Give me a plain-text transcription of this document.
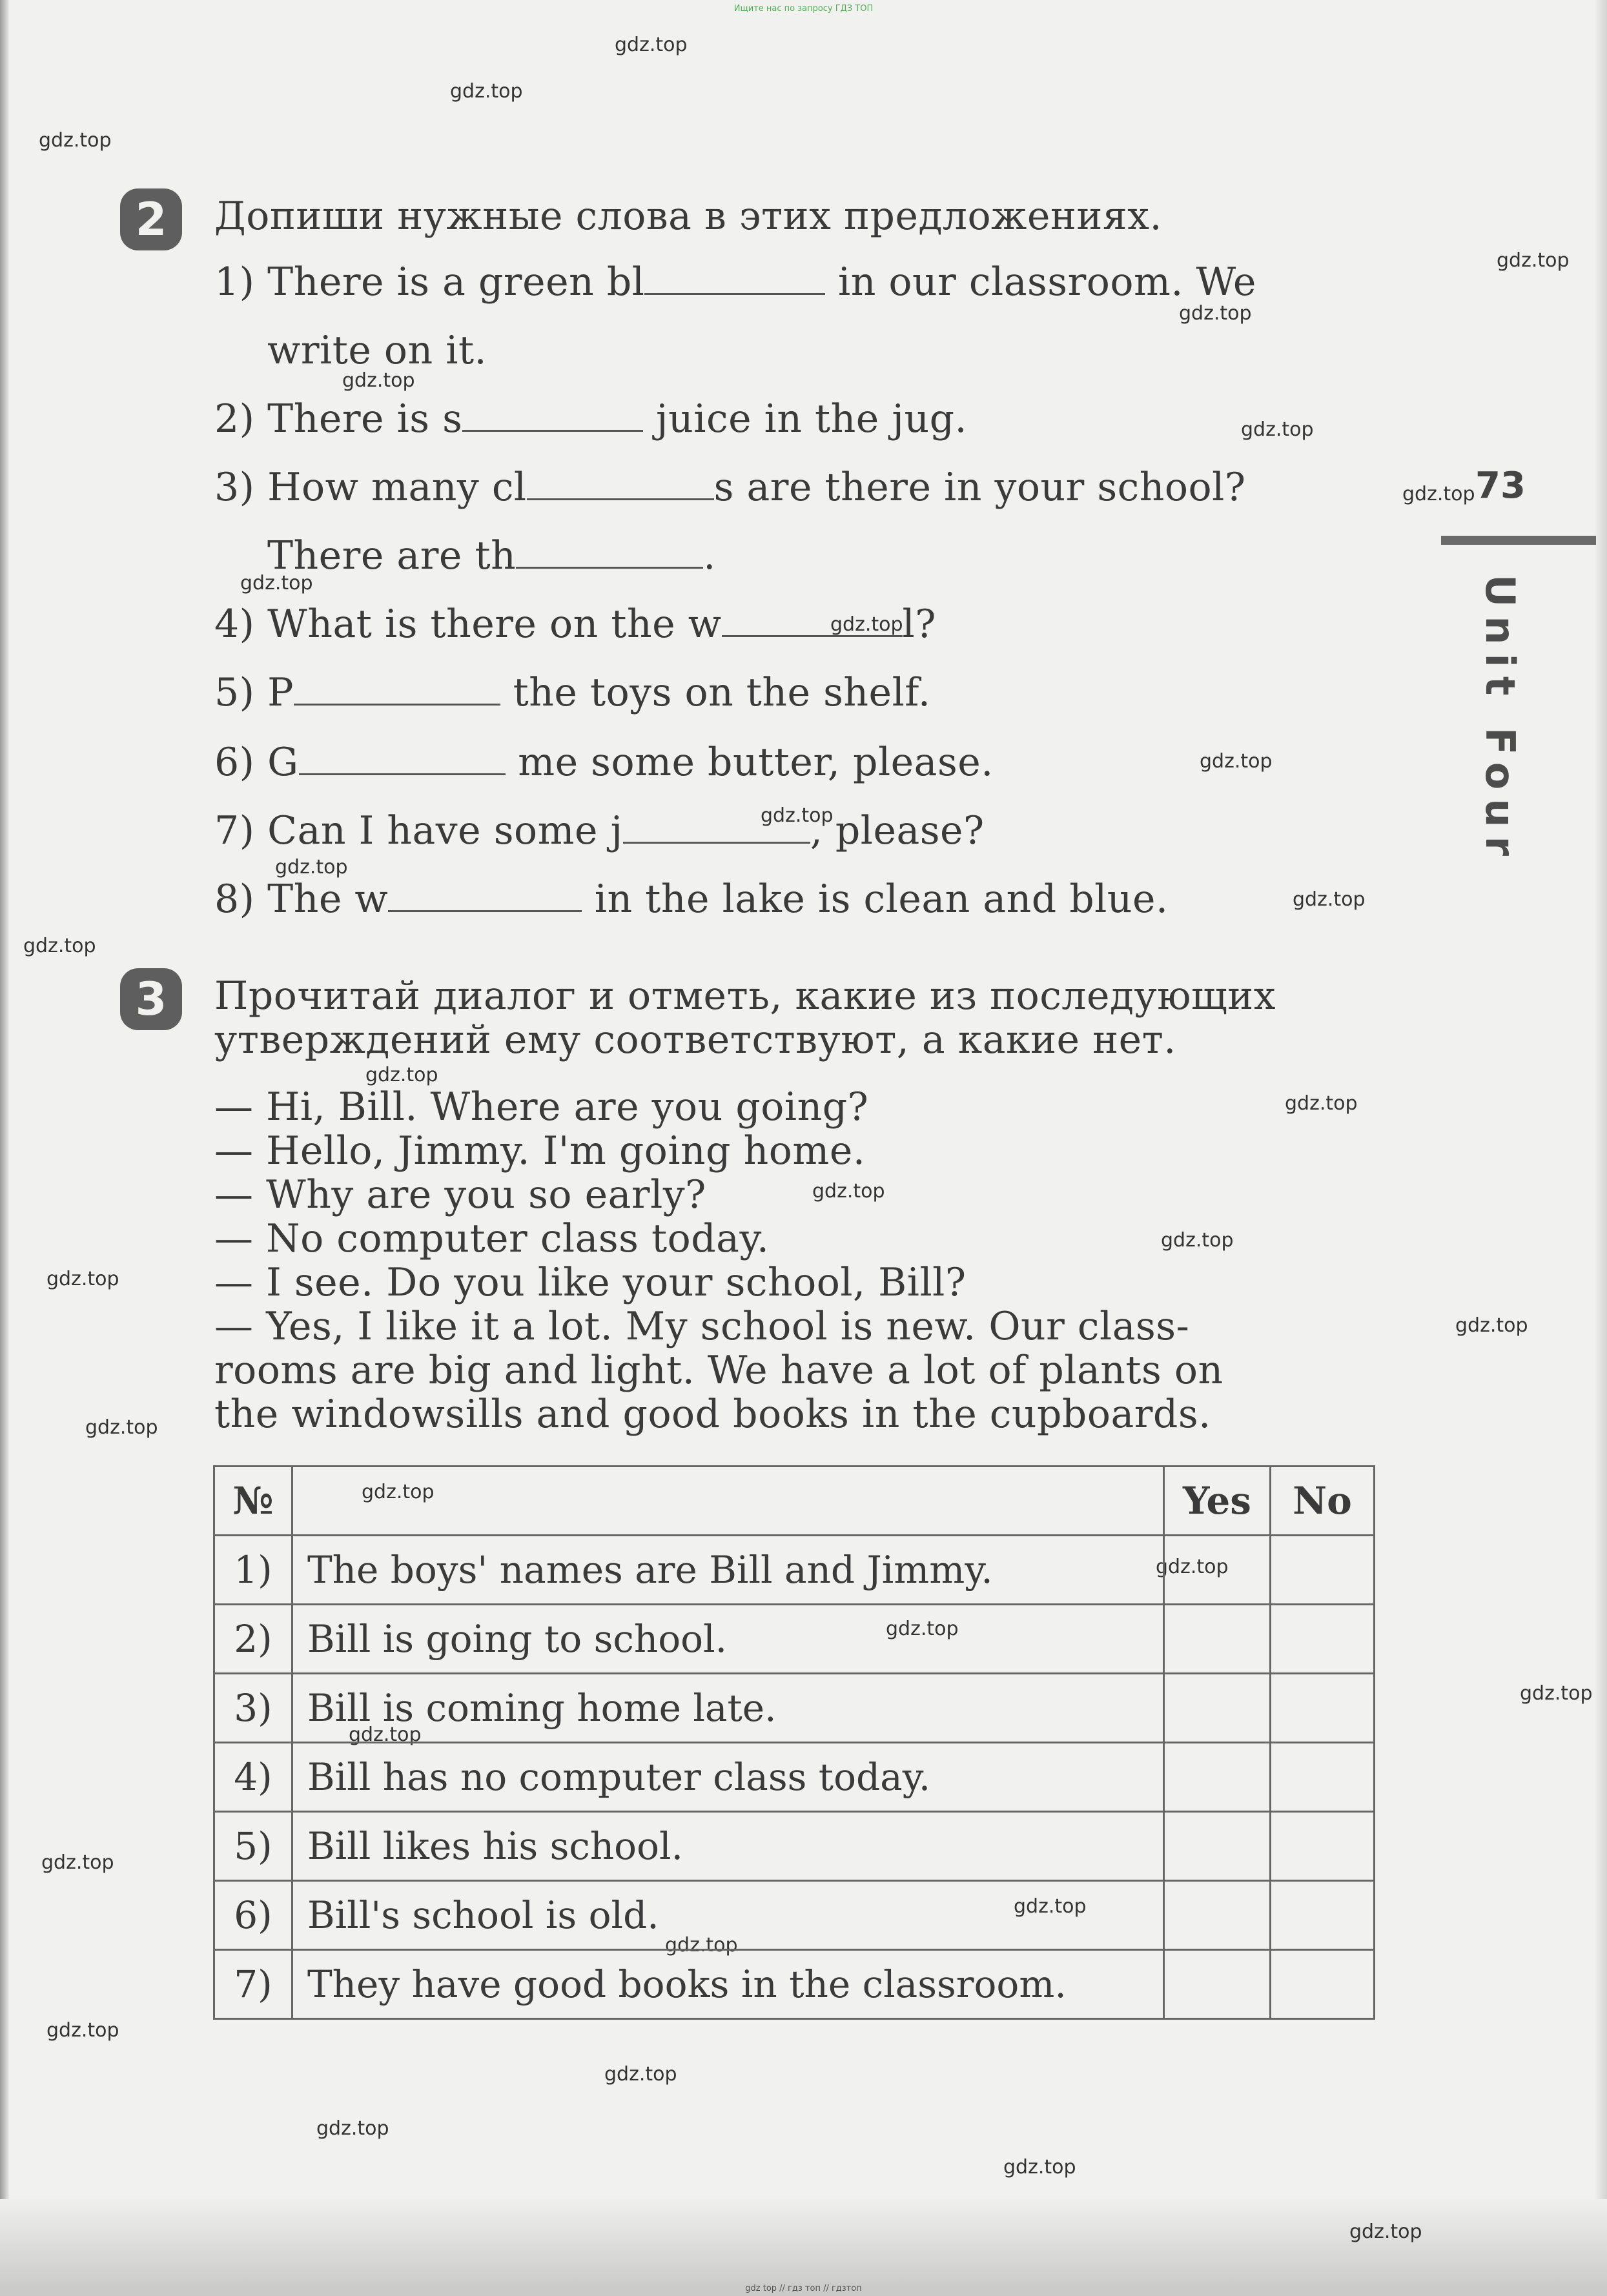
Ищите нас по запросу ГДЗ ТОП
gdz.top
gdz.top
gdz.top
gdz.top
gdz.top
gdz.top
gdz.top
gdz.top
gdz.top
gdz.top
gdz.top
gdz.top
gdz.top
gdz.top
gdz.top
gdz.top
gdz.top
gdz.top
gdz.top
gdz.top
gdz.top
gdz.top
gdz.top
gdz.top
gdz.top
gdz.top
gdz.top
gdz.top
gdz.top
gdz.top
gdz.top
gdz.top
gdz.top
gdz.top
gdz.top
73
Unit Four
2	Допиши нужные слова в этих предложениях.
1) There is a green bl	in our classroom. We
write on it.
2) There is s	juice in the jug.
3) How many cl	s are there in your school?
There are th	.
4) What is there on the w	l?
5) P	the toys on the shelf.
6) G	me some butter, please.
7) Can I have some j	, please?
8) The w	in the lake is clean and blue.
3	Прочитай диалог и отметь, какие из последующих
утверждений ему соответствуют, а какие нет.
— Hi, Bill. Where are you going?
— Hello, Jimmy. I'm going home.
— Why are you so early?
— No computer class today.
— I see. Do you like your school, Bill?
— Yes, I like it a lot. My school is new. Our class-
rooms are big and light. We have a lot of plants on
the windowsills and good books in the cupboards.
№		Yes	No
1)	The boys' names are Bill and Jimmy.		
2)	Bill is going to school.		
3)	Bill is coming home late.		
4)	Bill has no computer class today.		
5)	Bill likes his school.		
6)	Bill's school is old.		
7)	They have good books in the classroom.		
gdz top // гдз топ // гдзтоп
